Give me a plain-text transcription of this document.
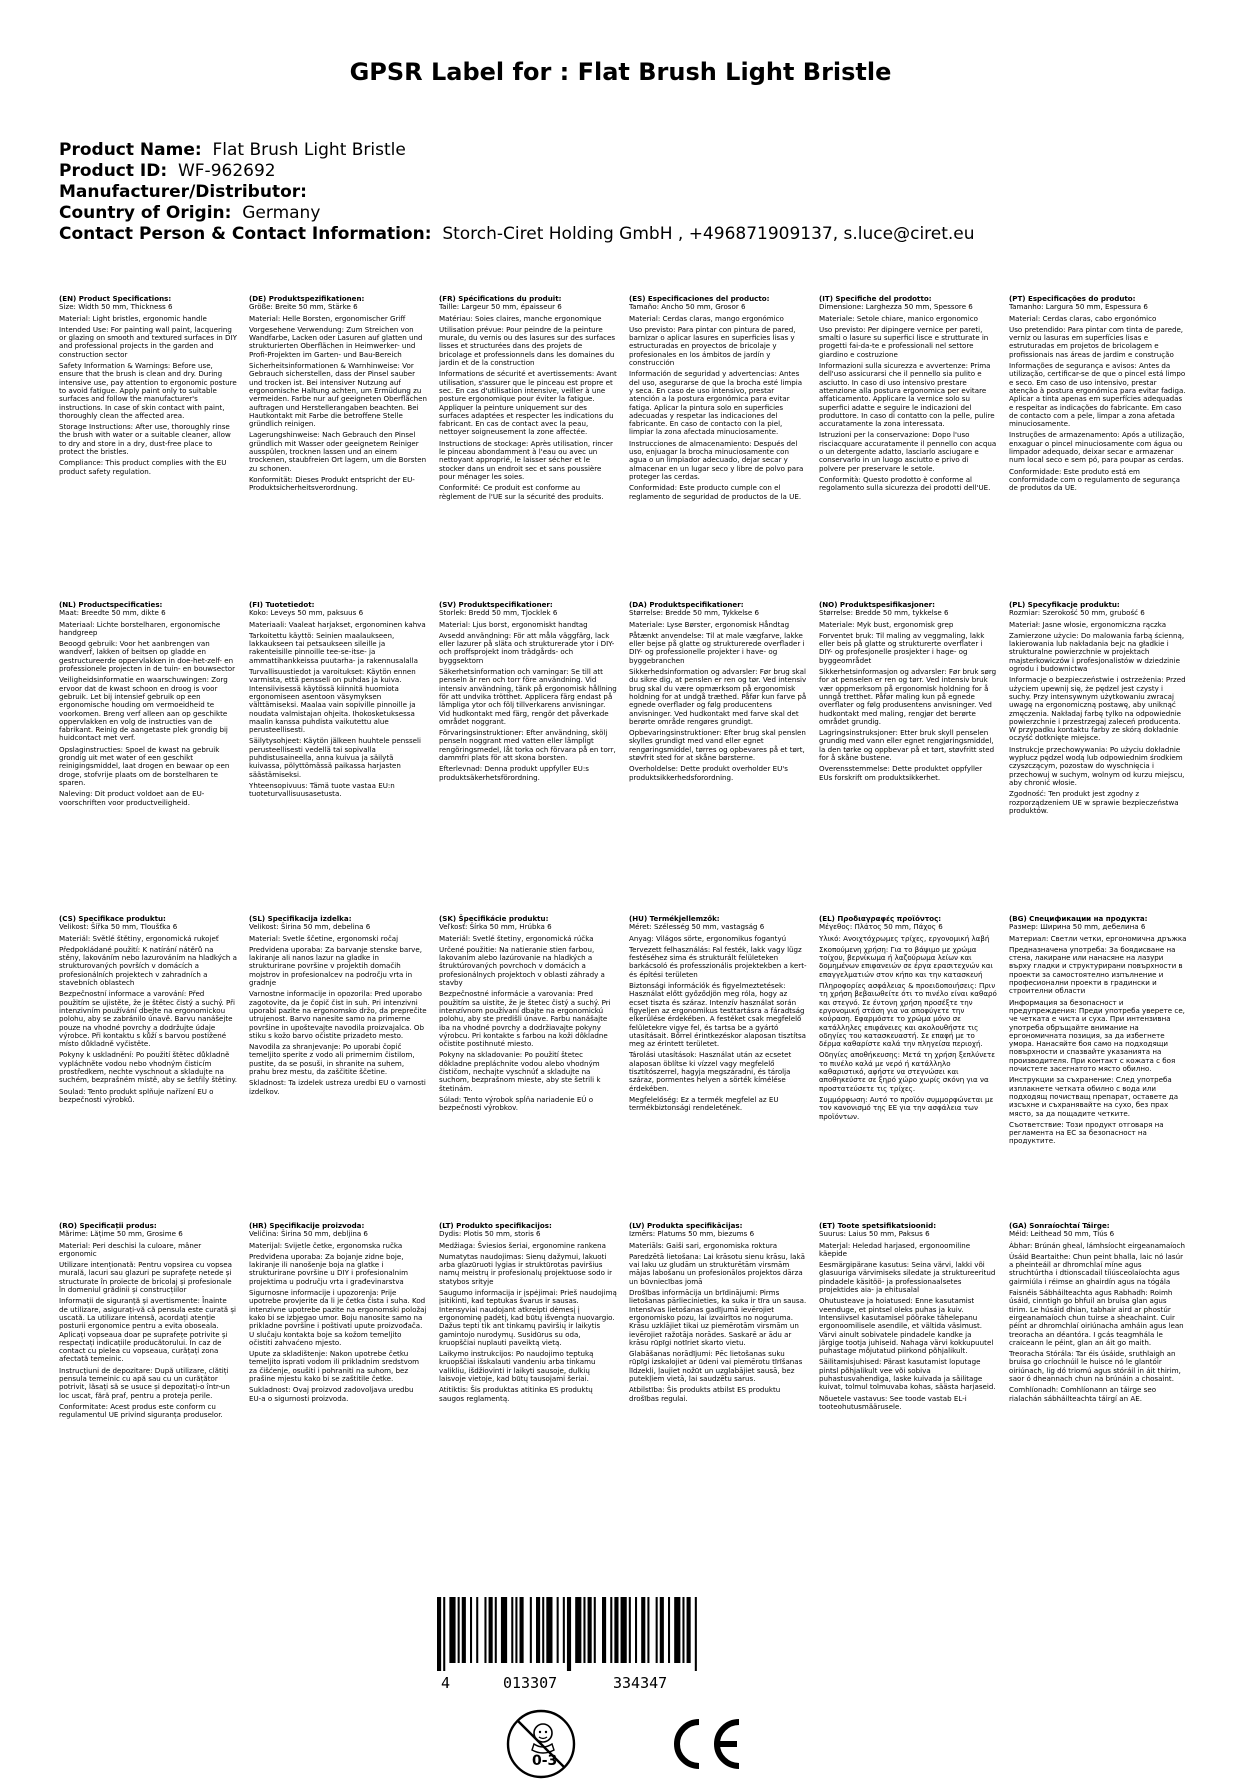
GPSR Label for : Flat Brush Light Bristle
Product Name: Flat Brush Light Bristle
Product ID: WF-962692
Manufacturer/Distributor:
Country of Origin: Germany
Contact Person & Contact Information: Storch-Ciret Holding GmbH , +496871909137, s.luce@ciret.eu

(EN) Product Specifications:
Size: Width 50 mm, Thickness 6

Material: Light bristles, ergonomic handle

Intended Use: For painting wall paint, lacquering or glazing on smooth and textured surfaces in DIY and professional projects in the garden and construction sector

Safety Information & Warnings: Before use, ensure that the brush is clean and dry. During intensive use, pay attention to ergonomic posture to avoid fatigue. Apply paint only to suitable surfaces and follow the manufacturer's instructions. In case of skin contact with paint, thoroughly clean the affected area.

Storage Instructions: After use, thoroughly rinse the brush with water or a suitable cleaner, allow to dry and store in a dry, dust-free place to protect the bristles.

Compliance: This product complies with the EU product safety regulation.

(DE) Produktspezifikationen:
Größe: Breite 50 mm, Stärke 6

Material: Helle Borsten, ergonomischer Griff

Vorgesehene Verwendung: Zum Streichen von Wandfarbe, Lacken oder Lasuren auf glatten und strukturierten Oberflächen in Heimwerker- und Profi-Projekten im Garten- und Bau-Bereich

Sicherheitsinformationen & Warnhinweise: Vor Gebrauch sicherstellen, dass der Pinsel sauber und trocken ist. Bei intensiver Nutzung auf ergonomische Haltung achten, um Ermüdung zu vermeiden. Farbe nur auf geeigneten Oberflächen auftragen und Herstellerangaben beachten. Bei Hautkontakt mit Farbe die betroffene Stelle gründlich reinigen.

Lagerungshinweise: Nach Gebrauch den Pinsel gründlich mit Wasser oder geeignetem Reiniger ausspülen, trocknen lassen und an einem trockenen, staubfreien Ort lagern, um die Borsten zu schonen.

Konformität: Dieses Produkt entspricht der EU-Produktsicherheitsverordnung.

(FR) Spécifications du produit:
Taille: Largeur 50 mm, épaisseur 6

Matériau: Soies claires, manche ergonomique

Utilisation prévue: Pour peindre de la peinture murale, du vernis ou des lasures sur des surfaces lisses et structurées dans des projets de bricolage et professionnels dans les domaines du jardin et de la construction

Informations de sécurité et avertissements: Avant utilisation, s'assurer que le pinceau est propre et sec. En cas d'utilisation intensive, veiller à une posture ergonomique pour éviter la fatigue. Appliquer la peinture uniquement sur des surfaces adaptées et respecter les indications du fabricant. En cas de contact avec la peau, nettoyer soigneusement la zone affectée.

Instructions de stockage: Après utilisation, rincer le pinceau abondamment à l'eau ou avec un nettoyant approprié, le laisser sécher et le stocker dans un endroit sec et sans poussière pour ménager les soies.

Conformité: Ce produit est conforme au règlement de l'UE sur la sécurité des produits.

(ES) Especificaciones del producto:
Tamaño: Ancho 50 mm, Grosor 6

Material: Cerdas claras, mango ergonómico

Uso previsto: Para pintar con pintura de pared, barnizar o aplicar lasures en superficies lisas y estructuradas en proyectos de bricolaje y profesionales en los ámbitos de jardín y construcción

Información de seguridad y advertencias: Antes del uso, asegurarse de que la brocha esté limpia y seca. En caso de uso intensivo, prestar atención a la postura ergonómica para evitar fatiga. Aplicar la pintura solo en superficies adecuadas y respetar las indicaciones del fabricante. En caso de contacto con la piel, limpiar la zona afectada minuciosamente.

Instrucciones de almacenamiento: Después del uso, enjuagar la brocha minuciosamente con agua o un limpiador adecuado, dejar secar y almacenar en un lugar seco y libre de polvo para proteger las cerdas.

Conformidad: Este producto cumple con el reglamento de seguridad de productos de la UE.

(IT) Specifiche del prodotto:
Dimensione: Larghezza 50 mm, Spessore 6

Materiale: Setole chiare, manico ergonomico

Uso previsto: Per dipingere vernice per pareti, smalti o lasure su superfici lisce e strutturate in progetti fai-da-te e professionali nel settore giardino e costruzione

Informazioni sulla sicurezza e avvertenze: Prima dell'uso assicurarsi che il pennello sia pulito e asciutto. In caso di uso intensivo prestare attenzione alla postura ergonomica per evitare affaticamento. Applicare la vernice solo su superfici adatte e seguire le indicazioni del produttore. In caso di contatto con la pelle, pulire accuratamente la zona interessata.

Istruzioni per la conservazione: Dopo l'uso risciacquare accuratamente il pennello con acqua o un detergente adatto, lasciarlo asciugare e conservarlo in un luogo asciutto e privo di polvere per preservare le setole.

Conformità: Questo prodotto è conforme al regolamento sulla sicurezza dei prodotti dell'UE.

(PT) Especificações do produto:
Tamanho: Largura 50 mm, Espessura 6

Material: Cerdas claras, cabo ergonómico

Uso pretendido: Para pintar com tinta de parede, verniz ou lasuras em superfícies lisas e estruturadas em projetos de bricolagem e profissionais nas áreas de jardim e construção

Informações de segurança e avisos: Antes da utilização, certificar-se de que o pincel está limpo e seco. Em caso de uso intensivo, prestar atenção à postura ergonómica para evitar fadiga. Aplicar a tinta apenas em superfícies adequadas e respeitar as indicações do fabricante. Em caso de contacto com a pele, limpar a zona afetada minuciosamente.

Instruções de armazenamento: Após a utilização, enxaguar o pincel minuciosamente com água ou limpador adequado, deixar secar e armazenar num local seco e sem pó, para poupar as cerdas.

Conformidade: Este produto está em conformidade com o regulamento de segurança de produtos da UE.

(NL) Productspecificaties:
Maat: Breedte 50 mm, dikte 6

Materiaal: Lichte borstelharen, ergonomische handgreep

Beoogd gebruik: Voor het aanbrengen van wandverf, lakken of beitsen op gladde en gestructureerde oppervlakken in doe-het-zelf- en professionele projecten in de tuin- en bouwsector

Veiligheidsinformatie en waarschuwingen: Zorg ervoor dat de kwast schoon en droog is voor gebruik. Let bij intensief gebruik op een ergonomische houding om vermoeidheid te voorkomen. Breng verf alleen aan op geschikte oppervlakken en volg de instructies van de fabrikant. Reinig de aangetaste plek grondig bij huidcontact met verf.

Opslaginstructies: Spoel de kwast na gebruik grondig uit met water of een geschikt reinigingsmiddel, laat drogen en bewaar op een droge, stofvrije plaats om de borstelharen te sparen.

Naleving: Dit product voldoet aan de EU-voorschriften voor productveiligheid.

(FI) Tuotetiedot:
Koko: Leveys 50 mm, paksuus 6

Materiaali: Vaaleat harjakset, ergonominen kahva

Tarkoitettu käyttö: Seinien maalaukseen, lakkaukseen tai petsaukseen sileille ja rakenteisille pinnoille tee-se-itse- ja ammattihankkeissa puutarha- ja rakennusalalla

Turvallisuustiedot ja varoitukset: Käytön ennen varmista, että pensseli on puhdas ja kuiva. Intensiivisessä käytössä kiinnitä huomiota ergonomiseen asentoon väsymyksen välttämiseksi. Maalaa vain sopiville pinnoille ja noudata valmistajan ohjeita. Ihokosketuksessa maalin kanssa puhdista vaikutettu alue perusteellisesti.

Säilytysohjeet: Käytön jälkeen huuhtele pensseli perusteellisesti vedellä tai sopivalla puhdistusaineella, anna kuivua ja säilytä kuivassa, pölyttömässä paikassa harjasten säästämiseksi.

Yhteensopivuus: Tämä tuote vastaa EU:n tuoteturvallisuusasetusta.

(SV) Produktspecifikationer:
Storlek: Bredd 50 mm, Tjocklek 6

Material: Ljus borst, ergonomiskt handtag

Avsedd användning: För att måla väggfärg, lack eller lazurer på släta och strukturerade ytor i DIY- och proffsprojekt inom trädgårds- och byggsektorn

Säkerhetsinformation och varningar: Se till att penseln är ren och torr före användning. Vid intensiv användning, tänk på ergonomisk hållning för att undvika trötthet. Applicera färg endast på lämpliga ytor och följ tillverkarens anvisningar. Vid hudkontakt med färg, rengör det påverkade området noggrant.

Förvaringsinstruktioner: Efter användning, skölj penseln noggrant med vatten eller lämpligt rengöringsmedel, låt torka och förvara på en torr, dammfri plats för att skona borsten.

Efterlevnad: Denna produkt uppfyller EU:s produktsäkerhetsförordning.

(DA) Produktspecifikationer:
Størrelse: Bredde 50 mm, Tykkelse 6

Materiale: Lyse Børster, ergonomisk Håndtag

Påtænkt anvendelse: Til at male vægfarve, lakke eller bejse på glatte og strukturerede overflader i DIY- og professionelle projekter i have- og byggebranchen

Sikkerhedsinformation og advarsler: Før brug skal du sikre dig, at penslen er ren og tør. Ved intensiv brug skal du være opmærksom på ergonomisk holdning for at undgå træthed. Påfør kun farve på egnede overflader og følg producentens anvisninger. Ved hudkontakt med farve skal det berørte område rengøres grundigt.

Opbevaringsinstruktioner: Efter brug skal penslen skylles grundigt med vand eller egnet rengøringsmiddel, tørres og opbevares på et tørt, støvfrit sted for at skåne børsterne.

Overholdelse: Dette produkt overholder EU's produktsikkerhedsforordning.

(NO) Produktspesifikasjoner:
Størrelse: Bredde 50 mm, tykkelse 6

Materiale: Myk bust, ergonomisk grep

Forventet bruk: Til maling av veggmaling, lakk eller beis på glatte og strukturerte overflater i DIY- og profesjonelle prosjekter i hage- og byggeområdet

Sikkerhetsinformasjon og advarsler: Før bruk sørg for at penselen er ren og tørr. Ved intensiv bruk vær oppmerksom på ergonomisk holdning for å unngå tretthet. Påfør maling kun på egnede overflater og følg produsentens anvisninger. Ved hudkontakt med maling, rengjør det berørte området grundig.

Lagringsinstruksjoner: Etter bruk skyll penselen grundig med vann eller egnet rengjøringsmiddel, la den tørke og oppbevar på et tørt, støvfritt sted for å skåne bustene.

Overensstemmelse: Dette produktet oppfyller EUs forskrift om produktsikkerhet.

(PL) Specyfikacje produktu:
Rozmiar: Szerokość 50 mm, grubość 6

Materiał: Jasne włosie, ergonomiczna rączka

Zamierzone użycie: Do malowania farbą ścienną, lakierowania lub nakładania bejc na gładkie i strukturalne powierzchnie w projektach majsterkowiczów i profesjonalistów w dziedzinie ogrodu i budownictwa

Informacje o bezpieczeństwie i ostrzeżenia: Przed użyciem upewnij się, że pędzel jest czysty i suchy. Przy intensywnym użytkowaniu zwracaj uwagę na ergonomiczną postawę, aby uniknąć zmęczenia. Nakładaj farbę tylko na odpowiednie powierzchnie i przestrzegaj zaleceń producenta. W przypadku kontaktu farby ze skórą dokładnie oczyść dotknięte miejsce.

Instrukcje przechowywania: Po użyciu dokładnie wypłucz pędzel wodą lub odpowiednim środkiem czyszczącym, pozostaw do wyschnięcia i przechowuj w suchym, wolnym od kurzu miejscu, aby chronić włosie.

Zgodność: Ten produkt jest zgodny z rozporządzeniem UE w sprawie bezpieczeństwa produktów.

(CS) Specifikace produktu:
Velikost: Šířka 50 mm, Tloušťka 6

Materiál: Světlé štětiny, ergonomická rukojeť

Předpokládané použití: K natírání nátěrů na stěny, lakováním nebo lazurováním na hladkých a strukturovaných površích v domácích a profesionálních projektech v zahradních a stavebních oblastech

Bezpečnostní informace a varování: Před použitím se ujistěte, že je štětec čistý a suchý. Při intenzivním používání dbejte na ergonomickou polohu, aby se zabránilo únavě. Barvu nanášejte pouze na vhodné povrchy a dodržujte údaje výrobce. Při kontaktu s kůží s barvou postižené místo důkladně vyčistěte.

Pokyny k uskladnění: Po použití štětec důkladně vypláchněte vodou nebo vhodným čisticím prostředkem, nechte vyschnout a skladujte na suchém, bezprašném místě, aby se šetřily štětiny.

Soulad: Tento produkt splňuje nařízení EU o bezpečnosti výrobků.

(SL) Specifikacija izdelka:
Velikost: Širina 50 mm, debelina 6

Material: Svetle ščetine, ergonomski ročaj

Predvidena uporaba: Za barvanje stenske barve, lakiranje ali nanos lazur na gladke in strukturirane površine v projektih domačih mojstrov in profesionalcev na področju vrta in gradnje

Varnostne informacije in opozorila: Pred uporabo zagotovite, da je čopič čist in suh. Pri intenzivni uporabi pazite na ergonomsko držo, da preprečite utrujenost. Barvo nanesite samo na primerne površine in upoštevajte navodila proizvajalca. Ob stiku s kožo barvo očistite prizadeto mesto.

Navodila za shranjevanje: Po uporabi čopič temeljito sperite z vodo ali primernim čistilom, pustite, da se posuši, in shranite na suhem, prahu brez mestu, da zaščitite ščetine.

Skladnost: Ta izdelek ustreza uredbi EU o varnosti izdelkov.

(SK) Špecifikácie produktu:
Veľkosť: Šírka 50 mm, Hrúbka 6

Materiál: Svetlé štetiny, ergonomická rúčka

Určené použitie: Na natieranie stien farbou, lakovaním alebo lazúrovanie na hladkých a štruktúrovaných povrchoch v domácich a profesionálnych projektoch v oblasti záhrady a stavby

Bezpečnostné informácie a varovania: Pred použitím sa uistite, že je štetec čistý a suchý. Pri intenzívnom používaní dbajte na ergonomickú polohu, aby ste predišli únave. Farbu nanášajte iba na vhodné povrchy a dodržiavajte pokyny výrobcu. Pri kontakte s farbou na koži dôkladne očistite postihnuté miesto.

Pokyny na skladovanie: Po použití štetec dôkladne prepláchnite vodou alebo vhodným čističom, nechajte vyschnúť a skladujte na suchom, bezprašnom mieste, aby ste šetrili k štetinám.

Súlad: Tento výrobok spĺňa nariadenie EÚ o bezpečnosti výrobkov.

(HU) Termékjellemzők:
Méret: Szélesség 50 mm, vastagság 6

Anyag: Világos sörte, ergonomikus fogantyú

Tervezett felhasználás: Fal festék, lakk vagy lügz festéséhez sima és strukturált felületeken barkácsoló és professzionális projektekben a kert- és építési területen

Biztonsági információk és figyelmeztetések: Használat előtt győződjön meg róla, hogy az ecset tiszta és száraz. Intenzív használat során figyeljen az ergonomikus testtartásra a fáradtság elkerülése érdekében. A festéket csak megfelelő felületekre vigye fel, és tartsa be a gyártó utasításait. Bőrrel érintkezéskor alaposan tisztítsa meg az érintett területet.

Tárolási utasítások: Használat után az ecsetet alaposan öblítse ki vízzel vagy megfelelő tisztítószerrel, hagyja megszáradni, és tárolja száraz, pormentes helyen a sörték kímélése érdekében.

Megfelelőség: Ez a termék megfelel az EU termékbiztonsági rendeletének.

(EL) Προδιαγραφές προϊόντος:
Μέγεθος: Πλάτος 50 mm, Πάχος 6

Υλικό: Ανοιχτόχρωμες τρίχες, εργονομική λαβή

Σκοπούμενη χρήση: Για το βάψιμο με χρώμα τοίχου, βερνίκωμα ή λαζούρωμα λείων και δομημένων επιφανειών σε έργα ερασιτεχνών και επαγγελματιών στον κήπο και την κατασκευή

Πληροφορίες ασφάλειας & προειδοποιήσεις: Πριν τη χρήση βεβαιωθείτε ότι το πινέλο είναι καθαρό και στεγνό. Σε έντονη χρήση προσέξτε την εργονομική στάση για να αποφύγετε την κούραση. Εφαρμόστε το χρώμα μόνο σε κατάλληλες επιφάνειες και ακολουθήστε τις οδηγίες του κατασκευαστή. Σε επαφή με το δέρμα καθαρίστε καλά την πληγείσα περιοχή.

Οδηγίες αποθήκευσης: Μετά τη χρήση ξεπλύνετε το πινέλο καλά με νερό ή κατάλληλο καθαριστικό, αφήστε να στεγνώσει και αποθηκεύστε σε ξηρό χώρο χωρίς σκόνη για να προστατεύσετε τις τρίχες.

Συμμόρφωση: Αυτό το προϊόν συμμορφώνεται με τον κανονισμό της ΕΕ για την ασφάλεια των προϊόντων.

(BG) Спецификации на продукта:
Размер: Ширина 50 mm, дебелина 6

Материал: Светли четки, ергономична дръжка

Предназначена употреба: За боядисване на стена, лакиране или нанасяне на лазури върху гладки и структурирани повърхности в проекти за самостоятелно изпълнение и професионални проекти в градински и строителни области

Информация за безопасност и предупреждения: Преди употреба уверете се, че четката е чиста и суха. При интензивна употреба обръщайте внимание на ергономичната позиция, за да избегнете умора. Нанасяйте боя само на подходящи повърхности и спазвайте указанията на производителя. При контакт с кожата с боя почистете засегнатото място обилно.

Инструкции за съхранение: След употреба изплакнете четката обилно с вода или подходящ почистващ препарат, оставете да изсъхне и съхранявайте на сухо, без прах място, за да пощадите четките.

Съответствие: Този продукт отговаря на регламента на ЕС за безопасност на продуктите.

(RO) Specificații produs:
Mărime: Lățime 50 mm, Grosime 6

Material: Peri deschisi la culoare, mâner ergonomic

Utilizare intenționată: Pentru vopsirea cu vopsea murală, lacuri sau glazuri pe suprafețe netede și structurate în proiecte de bricolaj și profesionale în domeniul grădinii și construcțiilor

Informații de siguranță și avertismente: Înainte de utilizare, asigurați-vă că pensula este curată și uscată. La utilizare intensă, acordați atenție posturii ergonomice pentru a evita oboseala. Aplicați vopseaua doar pe suprafețe potrivite și respectați indicațiile producătorului. În caz de contact cu pielea cu vopseaua, curățați zona afectată temeinic.

Instrucțiuni de depozitare: După utilizare, clătiți pensula temeinic cu apă sau cu un curățător potrivit, lăsați să se usuce și depozitați-o într-un loc uscat, fără praf, pentru a proteja perile.

Conformitate: Acest produs este conform cu regulamentul UE privind siguranța produselor.

(HR) Specifikacije proizvoda:
Veličina: Širina 50 mm, debljina 6

Materijal: Svijetle četke, ergonomska ručka

Predviđena uporaba: Za bojanje zidne boje, lakiranje ili nanošenje boja na glatke i strukturirane površine u DIY i profesionalnim projektima u području vrta i građevinarstva

Sigurnosne informacije i upozorenja: Prije upotrebe provjerite da li je četka čista i suha. Kod intenzivne upotrebe pazite na ergonomski položaj kako bi se izbjegao umor. Boju nanosite samo na prikladne površine i poštivati upute proizvođača. U slučaju kontakta boje sa kožom temeljito očistiti zahvaćeno mjesto.

Upute za skladištenje: Nakon upotrebe četku temeljito isprati vodom ili prikladnim sredstvom za čišćenje, osušiti i pohraniti na suhom, bez prašine mjestu kako bi se zaštitile četke.

Sukladnost: Ovaj proizvod zadovoljava uredbu EU-a o sigurnosti proizvoda.

(LT) Produkto specifikacijos:
Dydis: Plotis 50 mm, storis 6

Medžiaga: Šviesios šeriai, ergonomine rankena

Numatytas naudojimas: Sienų dažymui, lakuoti arba glazūruoti lygias ir struktūrotas paviršius namų meistrų ir profesionalų projektuose sodo ir statybos srityje

Saugumo informacija ir įspėjimai: Prieš naudojimą įsitikinti, kad teptukas švarus ir sausas. Intensyviai naudojant atkreipti dėmesį į ergonominę padėtį, kad būtų išvengta nuovargio. Dažus tepti tik ant tinkamų paviršių ir laikytis gamintojo nurodymų. Susidūrus su oda, kruopščiai nuplauti paveiktą vietą.

Laikymo instrukcijos: Po naudojimo teptuką kruopščiai išskalauti vandeniu arba tinkamu valikliu, išdžiovinti ir laikyti sausoje, dulkių laisvoje vietoje, kad būtų tausojami šeriai.

Atitiktis: Šis produktas atitinka ES produktų saugos reglamentą.

(LV) Produkta specifikācijas:
Izmērs: Platums 50 mm, biezums 6

Materiāls: Gaiši sari, ergonomiska roktura

Paredzētā lietošana: Lai krāsotu sienu krāsu, lakā vai laku uz gludām un strukturētām virsmām mājas labošanu un profesionālos projektos dārza un būvniecības jomā

Drošības informācija un brīdinājumi: Pirms lietošanas pārliecinieties, ka suka ir tīra un sausa. Intensīvas lietošanas gadījumā ievērojiet ergonomisko pozu, lai izvairītos no noguruma. Krāsu uzklājiet tikai uz piemērotām virsmām un ievērojiet ražotāja norādes. Saskarē ar ādu ar krāsu rūpīgi notīriet skarto vietu.

Glabāšanas norādījumi: Pēc lietošanas suku rūpīgi izskalojiet ar ūdeni vai piemērotu tīrīšanas līdzekli, ļaujiet nožūt un uzglabājiet sausā, bez putekļiem vietā, lai saudzētu sarus.

Atbilstība: Šis produkts atbilst ES produktu drošības regulai.

(ET) Toote spetsifikatsioonid:
Suurus: Laius 50 mm, Paksus 6

Materjal: Heledad harjased, ergonoomiline käepide

Eesmärgipärane kasutus: Seina värvi, lakki või glasuuriga värvimiseks siledate ja struktureeritud pindadele käsitöö- ja professionaalsetes projektides aia- ja ehitusalal

Ohutusteave ja hoiatused: Enne kasutamist veenduge, et pintsel oleks puhas ja kuiv. Intensiivsel kasutamisel pöörake tähelepanu ergonoomilisele asendile, et vältida väsimust. Värvi ainult sobivatele pindadele kandke ja järgige tootja juhiseid. Nahaga värvi kokkupuutel puhastage mõjutatud piirkond põhjalikult.

Säilitamisjuhised: Pärast kasutamist loputage pintsl põhjalikult vee või sobiva puhastusvahendiga, laske kuivada ja säilitage kuivat, tolmul tolmuvaba kohas, säästa harjaseid.

Nõuetele vastavus: See toode vastab EL-i tooteohutusmäärusele.

(GA) Sonraíochtaí Táirge:
Méid: Leithead 50 mm, Tiús 6

Ábhar: Brúnán gheal, lámhsíocht eirgeanamaíoch

Úsáid Beartaithe: Chun peint bhalla, laic nó lasúr a pheinteáil ar dhromchlaí míne agus struchtúrtha i dtionscadail tíiúsceolaíochta agus gairmiúla i réimse an ghairdín agus na tógála

Faisnéis Sábháilteachta agus Rabhadh: Roimh úsáid, cinntigh go bhfuil an bruisa glan agus tirim. Le húsáid dhian, tabhair aird ar phostúr eirgeanamaíoch chun tuirse a sheachaint. Cuir péint ar dhromchlaí oiriúnacha amháin agus lean treoracha an déantóra. I gcás teagmhála le craiceann le péint, glan an áit go maith.

Treoracha Stórála: Tar éis úsáide, sruthlaigh an bruisa go críochnúil le huisce nó le glantóir oiriúnach, lig dó triomú agus stóráil in áit thirim, saor ó dheannach chun na brúnáin a chosaint.

Comhlíonadh: Comhlíonann an táirge seo rialachán sábháilteachta táirgí an AE.

4	013307	334347
0-3
